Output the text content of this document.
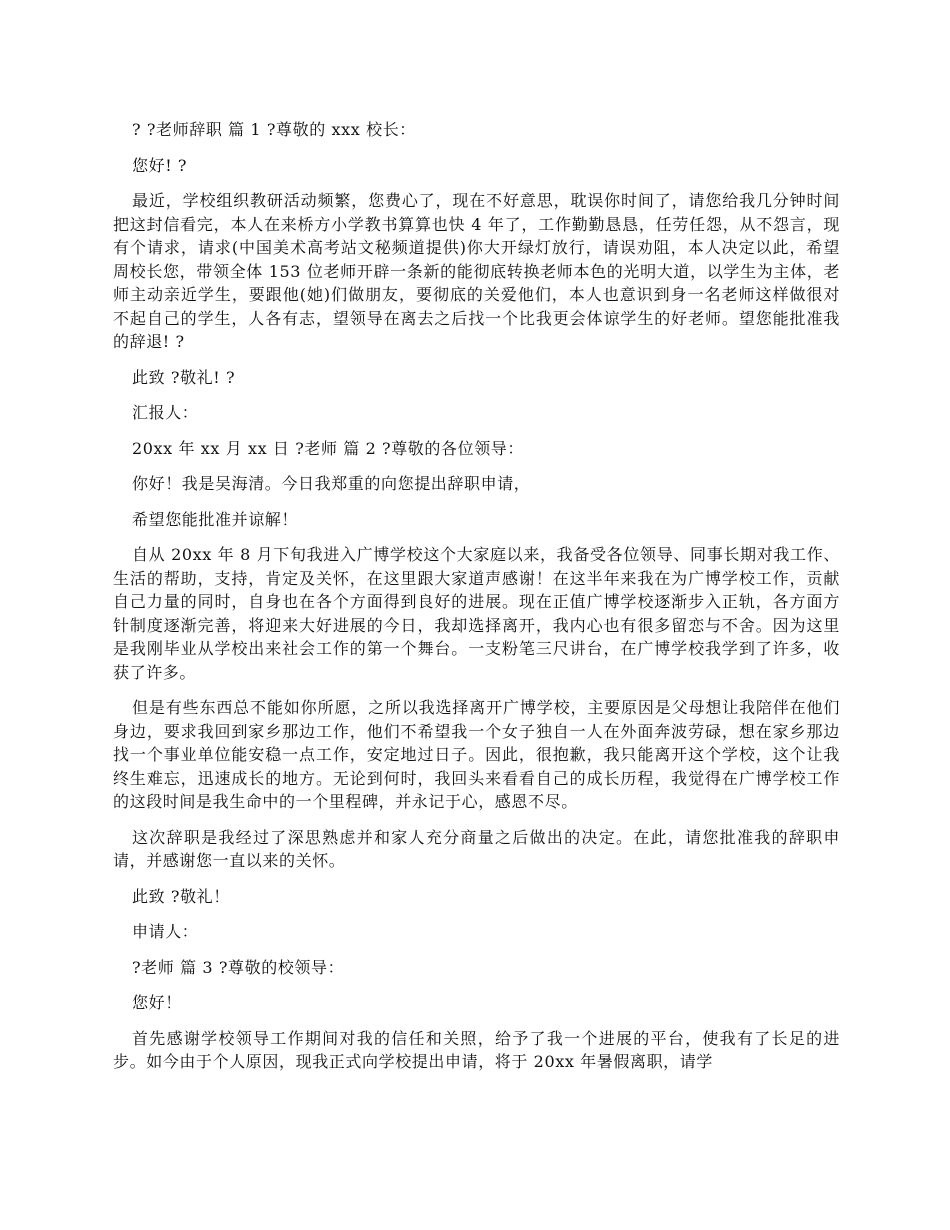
? ?老师辞职 篇 1 ?尊敬的 xxx 校长：

您好! ?

最近，学校组织教研活动频繁，您费心了，现在不好意思，耽误你时间了，请您给我几分钟时间把这封信看完，本人在来桥方小学教书算算也快 4 年了，工作勤勤恳恳，任劳任怨，从不怨言，现有个请求，请求(中国美术高考站文秘频道提供)你大开绿灯放行，请误劝阻，本人决定以此，希望周校长您，带领全体 153 位老师开辟一条新的能彻底转换老师本色的光明大道，以学生为主体，老师主动亲近学生，要跟他(她)们做朋友，要彻底的关爱他们，本人也意识到身一名老师这样做很对不起自己的学生，人各有志，望领导在离去之后找一个比我更会体谅学生的好老师。望您能批准我的辞退! ?

此致 ?敬礼! ?

汇报人：

20xx 年 xx 月 xx 日 ?老师 篇 2 ?尊敬的各位领导：

你好！我是吴海清。今日我郑重的向您提出辞职申请，

希望您能批准并谅解！

自从 20xx 年 8 月下旬我进入广博学校这个大家庭以来，我备受各位领导、同事长期对我工作、生活的帮助，支持，肯定及关怀，在这里跟大家道声感谢！在这半年来我在为广博学校工作，贡献自己力量的同时，自身也在各个方面得到良好的进展。现在正值广博学校逐渐步入正轨，各方面方针制度逐渐完善，将迎来大好进展的今日，我却选择离开，我内心也有很多留恋与不舍。因为这里是我刚毕业从学校出来社会工作的第一个舞台。一支粉笔三尺讲台，在广博学校我学到了许多，收获了许多。

但是有些东西总不能如你所愿，之所以我选择离开广博学校，主要原因是父母想让我陪伴在他们身边，要求我回到家乡那边工作，他们不希望我一个女子独自一人在外面奔波劳碌，想在家乡那边找一个事业单位能安稳一点工作，安定地过日子。因此，很抱歉，我只能离开这个学校，这个让我终生难忘，迅速成长的地方。无论到何时，我回头来看看自己的成长历程，我觉得在广博学校工作的这段时间是我生命中的一个里程碑，并永记于心，感恩不尽。

这次辞职是我经过了深思熟虑并和家人充分商量之后做出的决定。在此，请您批准我的辞职申请，并感谢您一直以来的关怀。

此致 ?敬礼！

申请人：

?老师 篇 3 ?尊敬的校领导：

您好！

首先感谢学校领导工作期间对我的信任和关照，给予了我一个进展的平台，使我有了长足的进步。如今由于个人原因，现我正式向学校提出申请，将于 20xx 年暑假离职，请学
